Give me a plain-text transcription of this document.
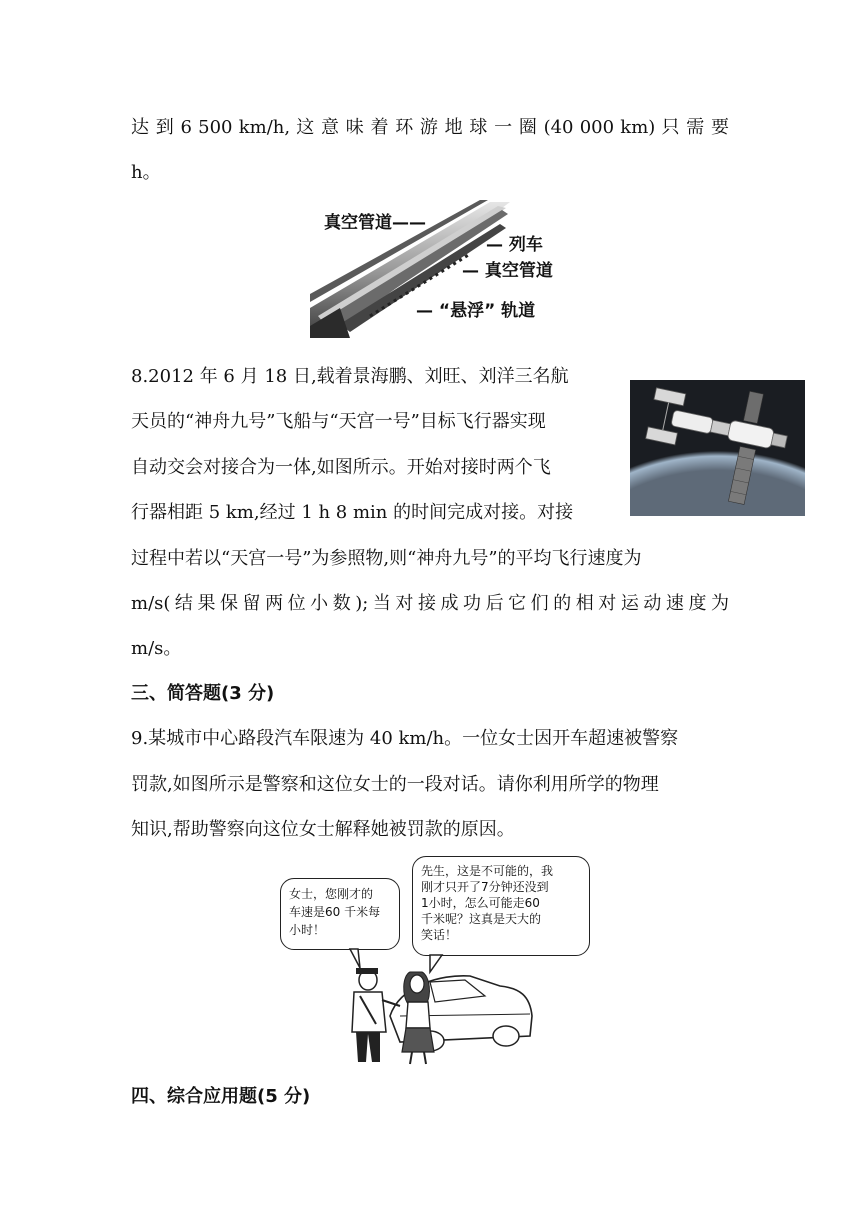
达 到 6 500 km/h, 这 意 味 着 环 游 地 球 一 圈 (40 000 km) 只 需 要
h。
真空管道——
— 列车
— 真空管道
— “悬浮” 轨道
8.2012 年 6 月 18 日,载着景海鹏、刘旺、刘洋三名航
天员的“神舟九号”飞船与“天宫一号”目标飞行器实现
自动交会对接合为一体,如图所示。开始对接时两个飞
行器相距 5 km,经过 1 h 8 min 的时间完成对接。对接
过程中若以“天宫一号”为参照物,则“神舟九号”的平均飞行速度为
m/s(结果保留两位小数);当对接成功后它们的相对运动速度为
m/s。
三、简答题(3 分)
9.某城市中心路段汽车限速为 40 km/h。一位女士因开车超速被警察
罚款,如图所示是警察和这位女士的一段对话。请你利用所学的物理
知识,帮助警察向这位女士解释她被罚款的原因。
女士，您刚才的
车速是60 千米每
小时！
先生，这是不可能的，我
刚才只开了7分钟还没到
1小时，怎么可能走60
千米呢？这真是天大的
笑话！
四、综合应用题(5 分)
